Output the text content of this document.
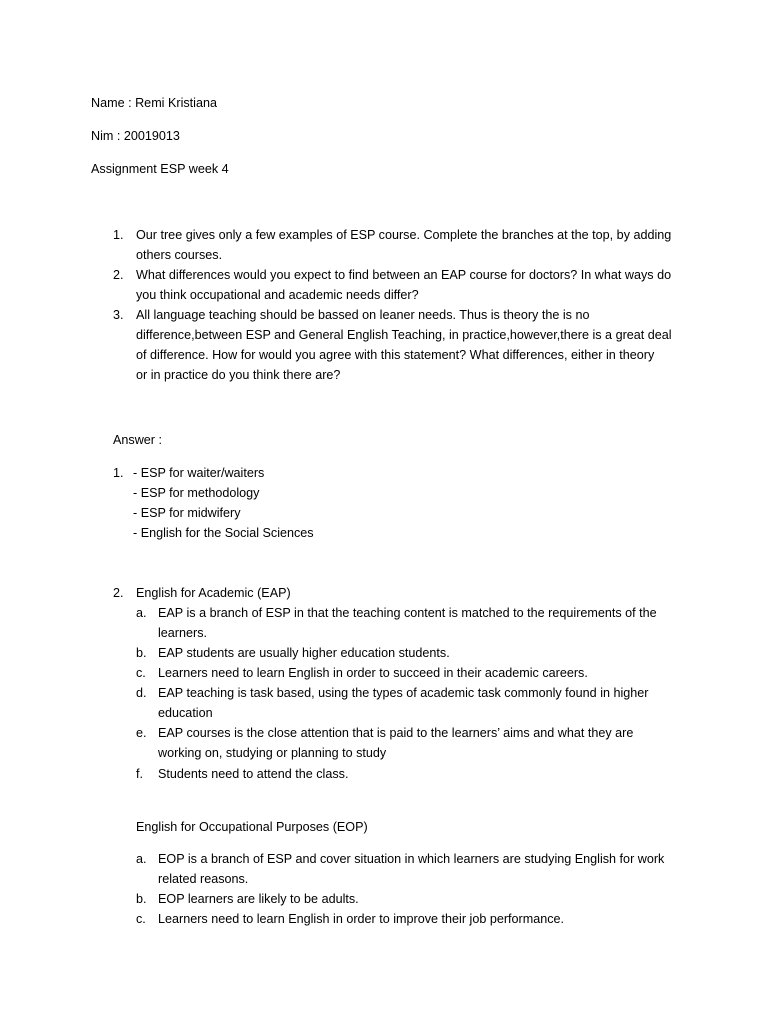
Name : Remi Kristiana
Nim : 20019013
Assignment ESP week 4
1. Our tree gives only a few examples of ESP course. Complete the branches at the top, by adding
others courses.
2. What differences would you expect to find between an EAP course for doctors? In what ways do
you think occupational and academic needs differ?
3. All language teaching should be bassed on leaner needs. Thus is theory the is no
difference,between ESP and General English Teaching, in practice,however,there is a great deal
of difference. How for would you agree with this statement? What differences, either in theory
or in practice do you think there are?
Answer :
1. - ESP for waiter/waiters
- ESP for methodology
- ESP for midwifery
- English for the Social Sciences
2. English for Academic (EAP)
a. EAP is a branch of ESP in that the teaching content is matched to the requirements of the
learners.
b. EAP students are usually higher education students.
c. Learners need to learn English in order to succeed in their academic careers.
d. EAP teaching is task based, using the types of academic task commonly found in higher
education
e. EAP courses is the close attention that is paid to the learners’ aims and what they are
working on, studying or planning to study
f. Students need to attend the class.
English for Occupational Purposes (EOP)
a. EOP is a branch of ESP and cover situation in which learners are studying English for work
related reasons.
b. EOP learners are likely to be adults.
c. Learners need to learn English in order to improve their job performance.
